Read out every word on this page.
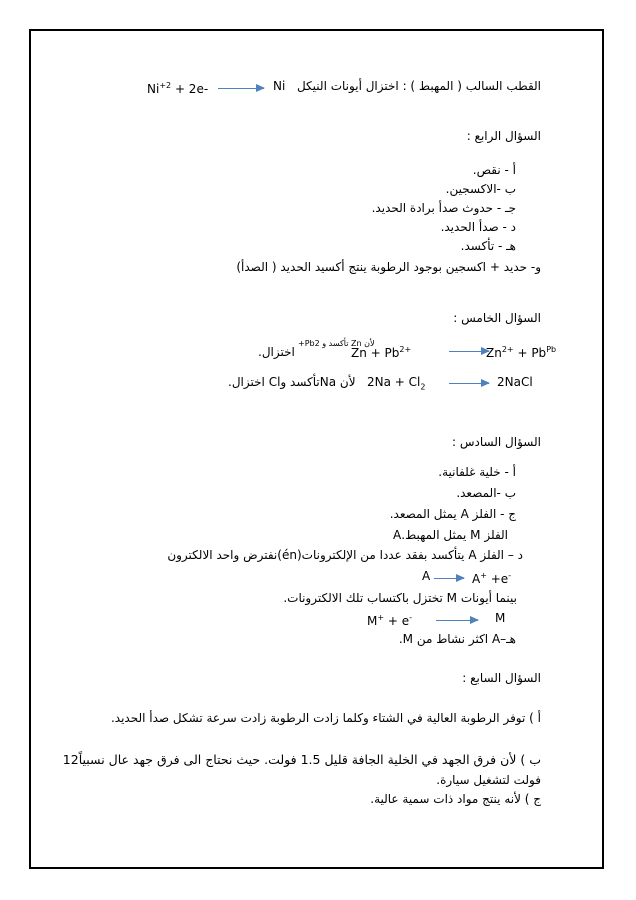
القطب السالب ( المهبط ) : اختزال أيونات النيكل
$Ni^{+2} + 2e-$	Ni
السؤال الرابع :
أ - نقص.
ب -الاكسجين.
جـ - حدوث صدأ برادة الحديد.
د - صدأ الحديد.
هـ - تأكسد.
و- حديد + اكسجين بوجود الرطوبة ينتج أكسيد الحديد ( الصدأ)
السؤال الخامس :
$Zn^{2+} + Pb^{Pb}$
$Zn + Pb^{2+}$
اختزال.
لأن Zn تأكسد و Pb2+
2NaCl
$2Na + Cl_2$
لأن Naتأكسد وCl اختزال.
السؤال السادس :
أ - خلية غلفانية.
ب -المصعد.
ج - الفلز A يمثل المصعد.
الفلز M يمثل المهبط.A
د – الفلز A يتأكسد بفقد عددا من الإلكترونات(én)نفترض واحد الالكترون
A	A+ +e-
بينما أيونات M تختزل باكتساب تلك الالكترونات.
M+ + e-	M
هـ–A اكثر نشاط من M.
السؤال السابع :
أ ) توفر الرطوبة العالية في الشتاء وكلما زادت الرطوبة زادت سرعة تشكل صدأ الحديد.
ب ) لأن فرق الجهد في الخلية الجافة قليل 1.5 فولت. حيث نحتاج الى فرق جهد عال نسبياً12
فولت لتشغيل سيارة.
ج ) لأنه ينتج مواد ذات سمية عالية.
